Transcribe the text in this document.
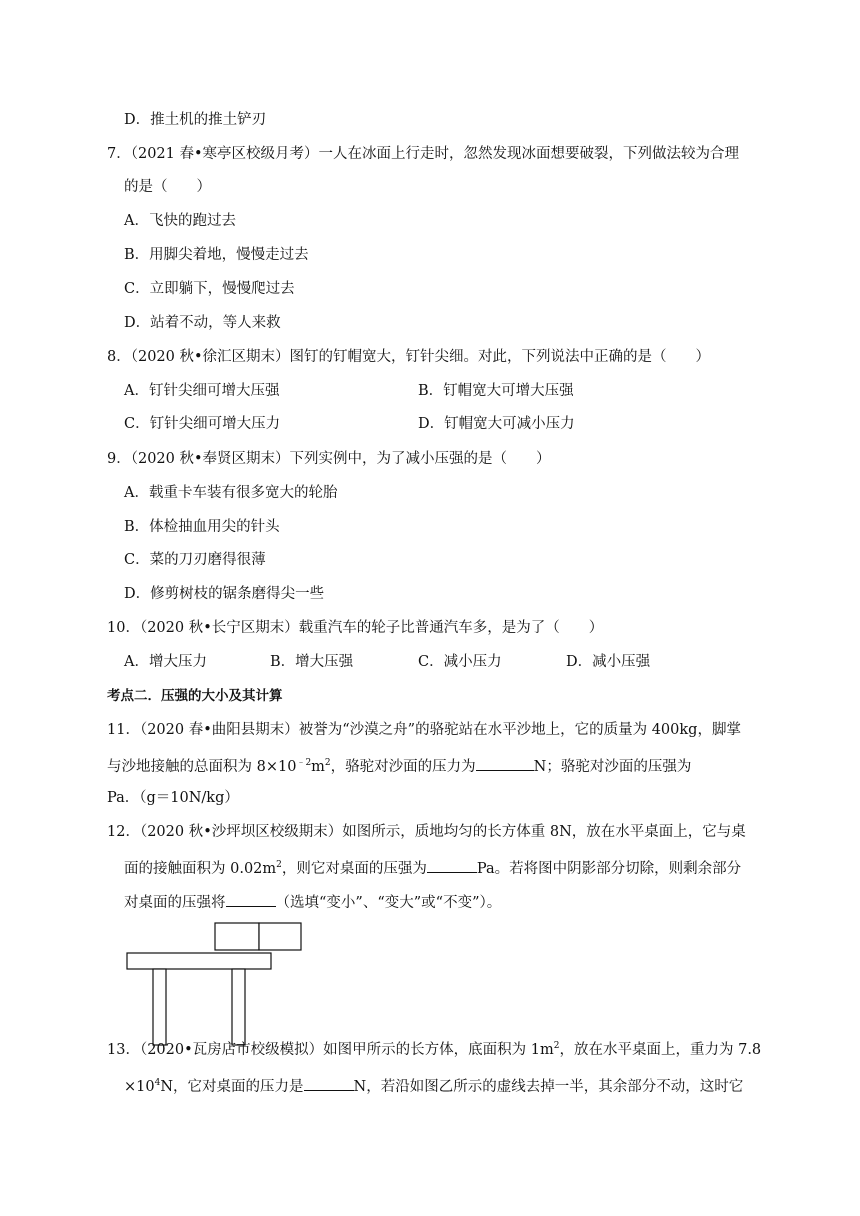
D．推土机的推土铲刃
7．（2021 春•寒亭区校级月考）一人在冰面上行走时，忽然发现冰面想要破裂，下列做法较为合理
的是（　　）
A．飞快的跑过去
B．用脚尖着地，慢慢走过去
C．立即躺下，慢慢爬过去
D．站着不动，等人来救
8．（2020 秋•徐汇区期末）图钉的钉帽宽大，钉针尖细。对此，下列说法中正确的是（　　）
A．钉针尖细可增大压强	B．钉帽宽大可增大压强
C．钉针尖细可增大压力	D．钉帽宽大可减小压力
9．（2020 秋•奉贤区期末）下列实例中，为了减小压强的是（　　）
A．载重卡车装有很多宽大的轮胎
B．体检抽血用尖的针头
C．菜的刀刃磨得很薄
D．修剪树枝的锯条磨得尖一些
10．（2020 秋•长宁区期末）载重汽车的轮子比普通汽车多，是为了（　　）
A．增大压力	B．增大压强	C．减小压力	D．减小压强
考点二．压强的大小及其计算
11．（2020 春•曲阳县期末）被誉为“沙漠之舟”的骆驼站在水平沙地上，它的质量为 400kg，脚掌
与沙地接触的总面积为 $8\times 10^{﹣2}m^2$，骆驼对沙面的压力为	N；骆驼对沙面的压强为
Pa．（g＝10N/kg）
12．（2020 秋•沙坪坝区校级期末）如图所示，质地均匀的长方体重 8N，放在水平桌面上，它与桌
面的接触面积为 $0.02m^2$，则它对桌面的压强为	Pa。若将图中阴影部分切除，则剩余部分
对桌面的压强将	（选填“变小”、“变大”或“不变”）。
13．（2020•瓦房店市校级模拟）如图甲所示的长方体，底面积为 $1m^2$，放在水平桌面上，重力为 7.8
$\times 10^4N$，它对桌面的压力是	N，若沿如图乙所示的虚线去掉一半，其余部分不动，这时它
